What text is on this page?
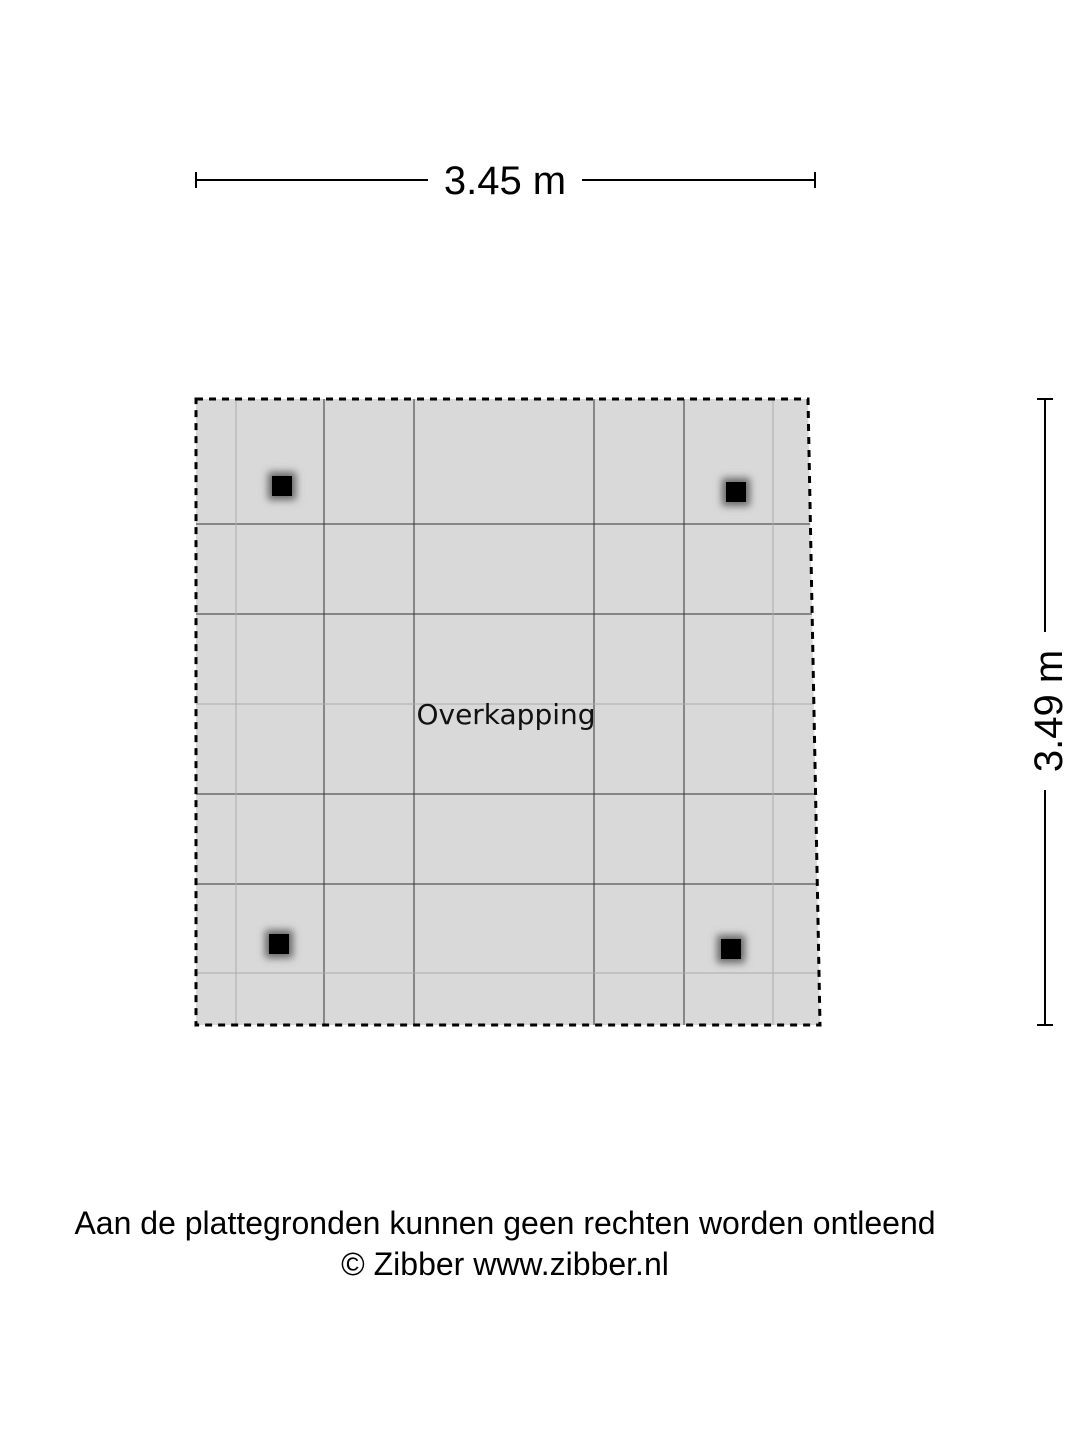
3.45 m
3.49 m
Overkapping
Aan de plattegronden kunnen geen rechten worden ontleend
© Zibber www.zibber.nl
